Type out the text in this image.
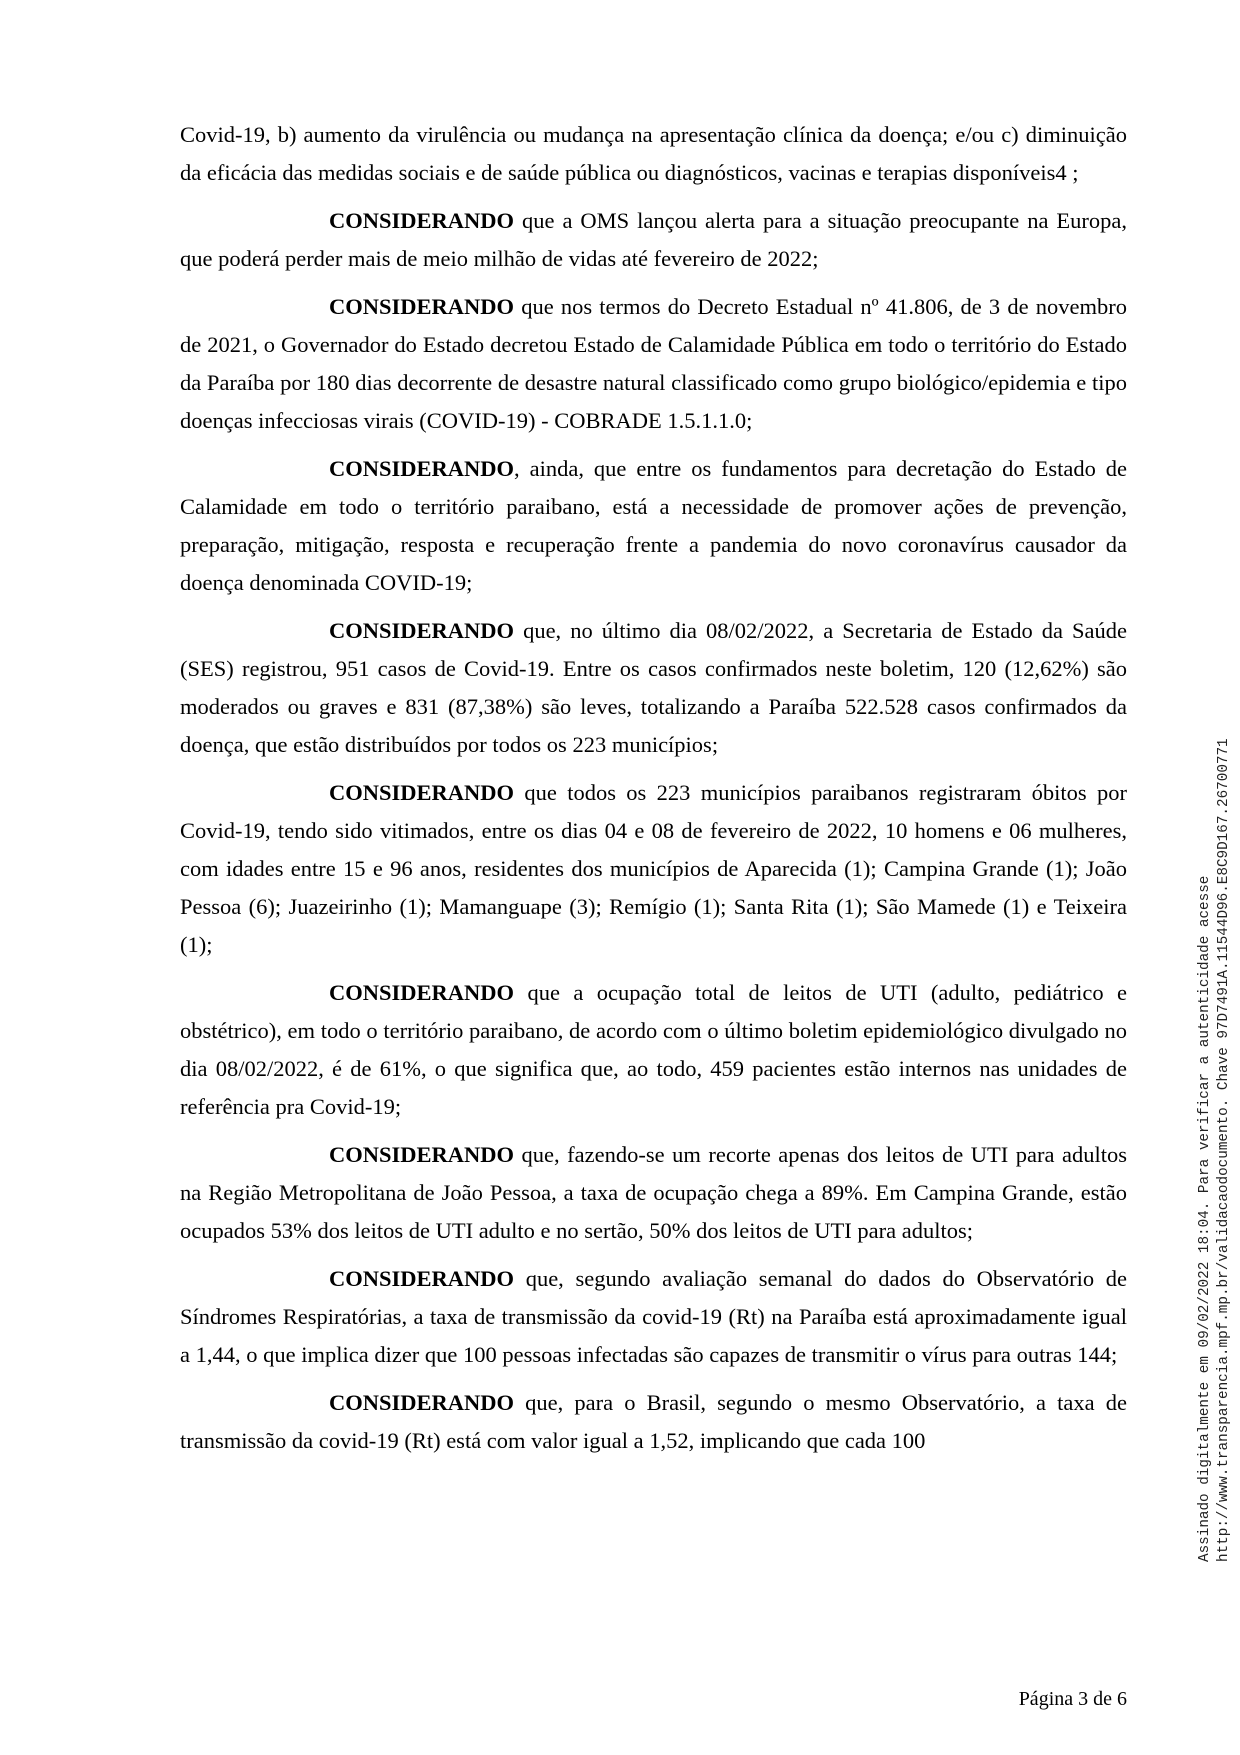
Covid-19, b) aumento da virulência ou mudança na apresentação clínica da doença; e/ou c) diminuição da eficácia das medidas sociais e de saúde pública ou diagnósticos, vacinas e terapias disponíveis4 ;

CONSIDERANDO que a OMS lançou alerta para a situação preocupante na Europa, que poderá perder mais de meio milhão de vidas até fevereiro de 2022;

CONSIDERANDO que nos termos do Decreto Estadual nº 41.806, de 3 de novembro de 2021, o Governador do Estado decretou Estado de Calamidade Pública em todo o território do Estado da Paraíba por 180 dias decorrente de desastre natural classificado como grupo biológico/epidemia e tipo doenças infecciosas virais (COVID-19) - COBRADE 1.5.1.1.0;

CONSIDERANDO, ainda, que entre os fundamentos para decretação do Estado de Calamidade em todo o território paraibano, está a necessidade de promover ações de prevenção, preparação, mitigação, resposta e recuperação frente a pandemia do novo coronavírus causador da doença denominada COVID-19;

CONSIDERANDO que, no último dia 08/02/2022, a Secretaria de Estado da Saúde (SES) registrou, 951 casos de Covid-19. Entre os casos confirmados neste boletim, 120 (12,62%) são moderados ou graves e 831 (87,38%) são leves, totalizando a Paraíba 522.528 casos confirmados da doença, que estão distribuídos por todos os 223 municípios;

CONSIDERANDO que todos os 223 municípios paraibanos registraram óbitos por Covid-19, tendo sido vitimados, entre os dias 04 e 08 de fevereiro de 2022, 10 homens e 06 mulheres, com idades entre 15 e 96 anos, residentes dos municípios de Aparecida (1); Campina Grande (1); João Pessoa (6); Juazeirinho (1); Mamanguape (3); Remígio (1); Santa Rita (1); São Mamede (1) e Teixeira (1);

CONSIDERANDO que a ocupação total de leitos de UTI (adulto, pediátrico e obstétrico), em todo o território paraibano, de acordo com o último boletim epidemiológico divulgado no dia 08/02/2022, é de 61%, o que significa que, ao todo, 459 pacientes estão internos nas unidades de referência pra Covid-19;

CONSIDERANDO que, fazendo-se um recorte apenas dos leitos de UTI para adultos na Região Metropolitana de João Pessoa, a taxa de ocupação chega a 89%. Em Campina Grande, estão ocupados 53% dos leitos de UTI adulto e no sertão, 50% dos leitos de UTI para adultos;

CONSIDERANDO que, segundo avaliação semanal do dados do Observatório de Síndromes Respiratórias, a taxa de transmissão da covid-19 (Rt) na Paraíba está aproximadamente igual a 1,44, o que implica dizer que 100 pessoas infectadas são capazes de transmitir o vírus para outras 144;

CONSIDERANDO que, para o Brasil, segundo o mesmo Observatório, a taxa de transmissão da covid-19 (Rt) está com valor igual a 1,52, implicando que cada 100

Página 3 de 6
Assinado digitalmente em 09/02/2022 18:04. Para verificar a autenticidade acesse http://www.transparencia.mpf.mp.br/validacaodocumento. Chave 97D7491A.11544D96.E8C9D167.26700771
